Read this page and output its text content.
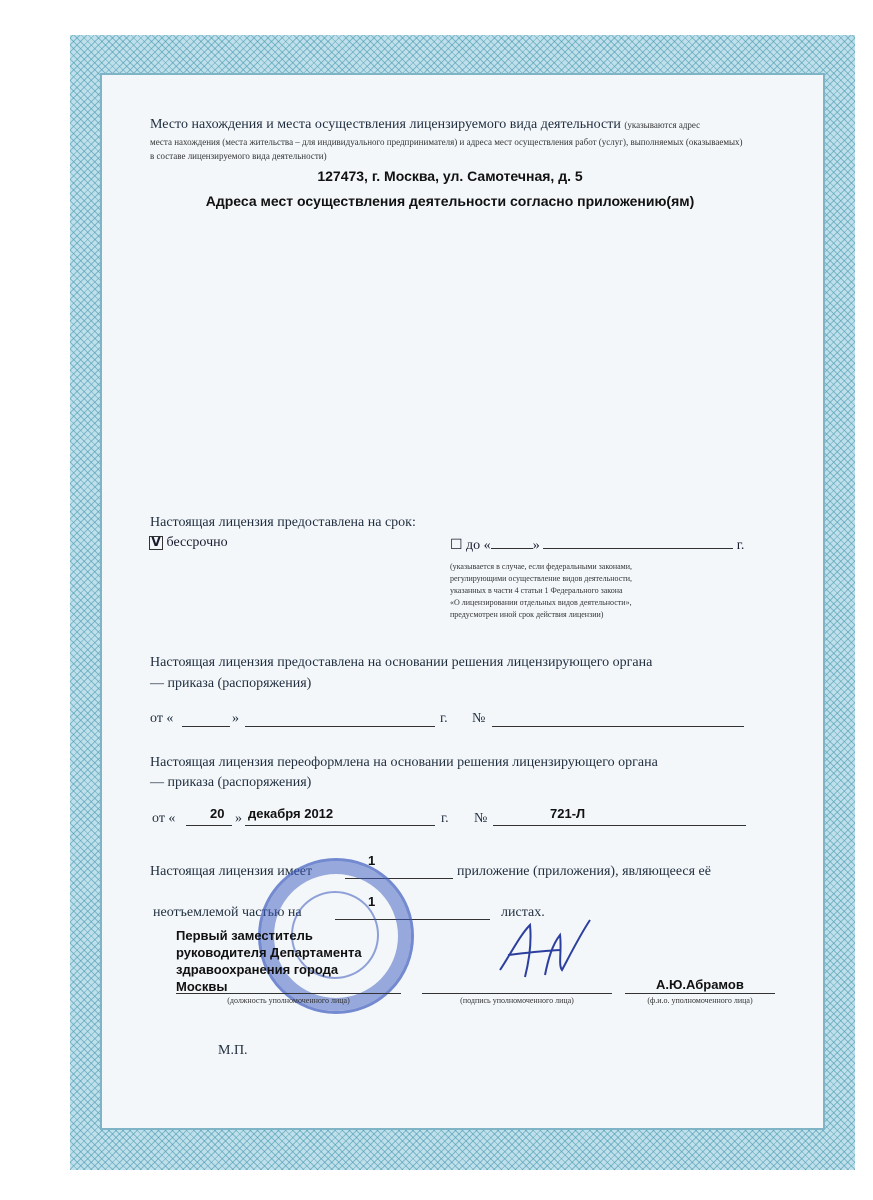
Место нахождения и места осуществления лицензируемого вида деятельности (указываются адрес
места нахождения (места жительства – для индивидуального предпринимателя) и адреса мест осуществления работ (услуг), выполняемых (оказываемых)
в составе лицензируемого вида деятельности)
127473, г. Москва, ул. Самотечная, д. 5
Адреса мест осуществления деятельности согласно приложению(ям)
Настоящая лицензия предоставлена на срок:
V бессрочно	☐ до «	»	г.
(указывается в случае, если федеральными законами,
регулирующими осуществление видов деятельности,
указанных в части 4 статьи 1 Федерального закона
«О лицензировании отдельных видов деятельности»,
предусмотрен иной срок действия лицензии)
Настоящая лицензия предоставлена на основании решения лицензирующего органа
— приказа (распоряжения)
от «	»	г. №
Настоящая лицензия переоформлена на основании решения лицензирующего органа
— приказа (распоряжения)
от «	20 » декабря 2012	г. №	721-Л
Настоящая лицензия имеет
1
приложение (приложения), являющееся её
неотъемлемой частью на
1
листах.
Первый заместитель
руководителя Департамента
здравоохранения города
Москвы
(должность уполномоченного лица)	(подпись уполномоченного лица)
А.Ю.Абрамов
(ф.и.о. уполномоченного лица)
М.П.
